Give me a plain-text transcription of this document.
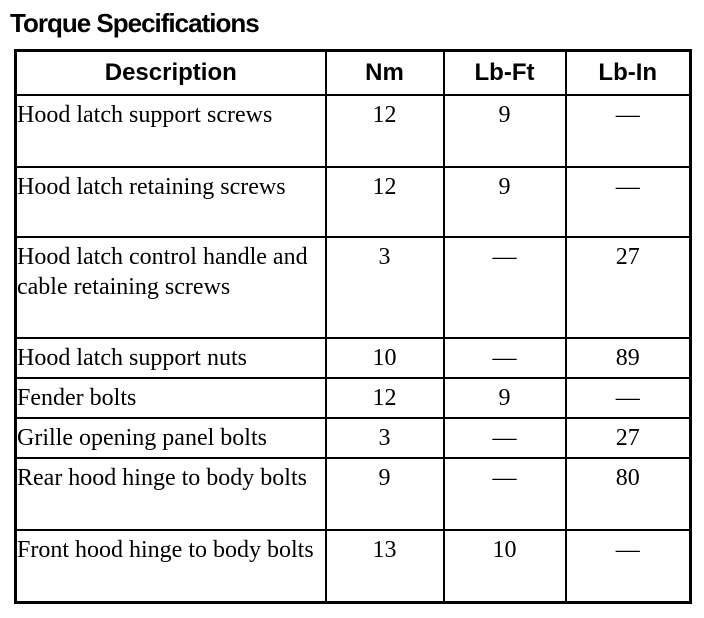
Torque Specifications
Description	Nm	Lb-Ft	Lb-In
Hood latch support screws	12	9	—
Hood latch retaining screws	12	9	—
Hood latch control handle and cable retaining screws	3	—	27
Hood latch support nuts	10	—	89
Fender bolts	12	9	—
Grille opening panel bolts	3	—	27
Rear hood hinge to body bolts	9	—	80
Front hood hinge to body bolts	13	10	—
